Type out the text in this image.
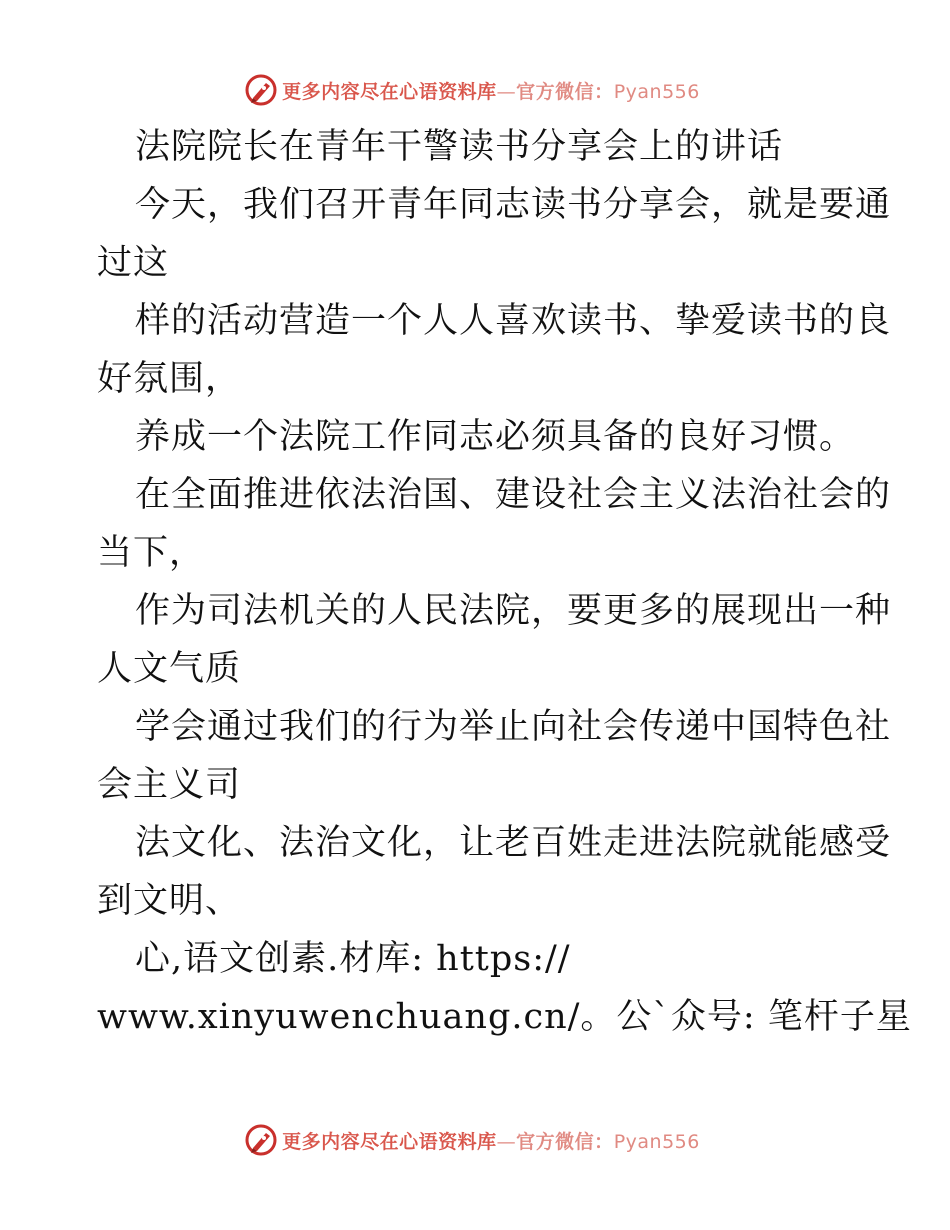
更多内容尽在心语资料库—官方微信：Pyan556
法院院长在青年干警读书分享会上的讲话
今天，我们召开青年同志读书分享会，就是要通
过这
样的活动营造一个人人喜欢读书、挚爱读书的良
好氛围，
养成一个法院工作同志必须具备的良好习惯。
在全面推进依法治国、建设社会主义法治社会的
当下，
作为司法机关的人民法院，要更多的展现出一种
人文气质
学会通过我们的行为举止向社会传递中国特色社
会主义司
法文化、法治文化，让老百姓走进法院就能感受
到文明、
心,语文创素.材库: https://
www.xinyuwenchuang.cn/。公`众号: 笔杆子星
更多内容尽在心语资料库—官方微信：Pyan556
